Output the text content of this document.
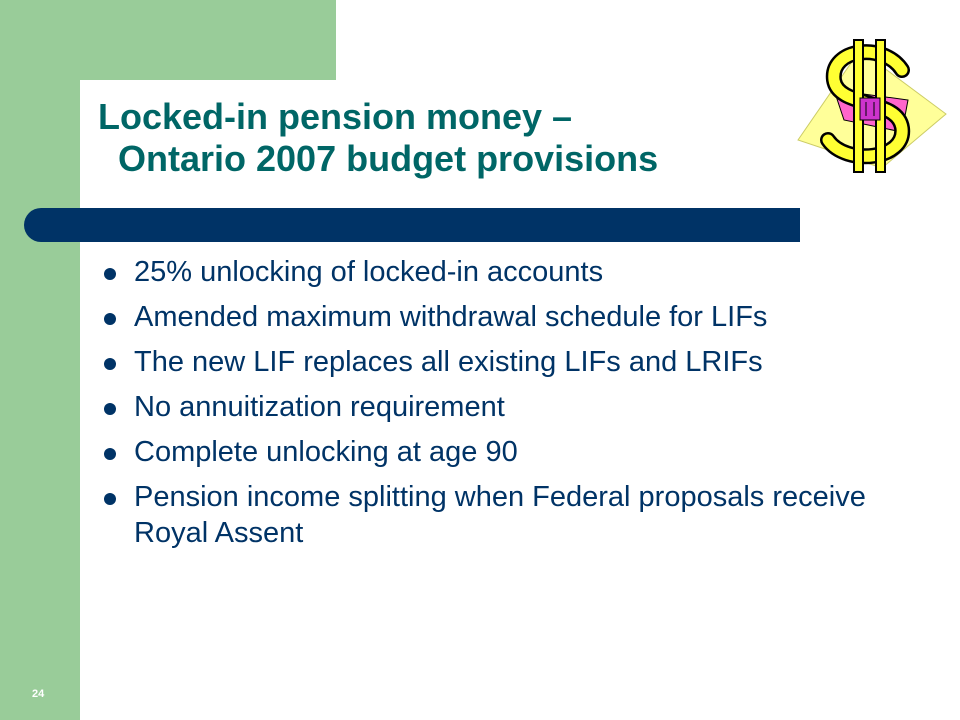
Locked-in pension money –
Ontario 2007 budget provisions
25% unlocking of locked-in accounts
Amended maximum withdrawal schedule for LIFs
The new LIF replaces all existing LIFs and LRIFs
No annuitization requirement
Complete unlocking at age 90
Pension income splitting when Federal proposals receive Royal Assent
24
